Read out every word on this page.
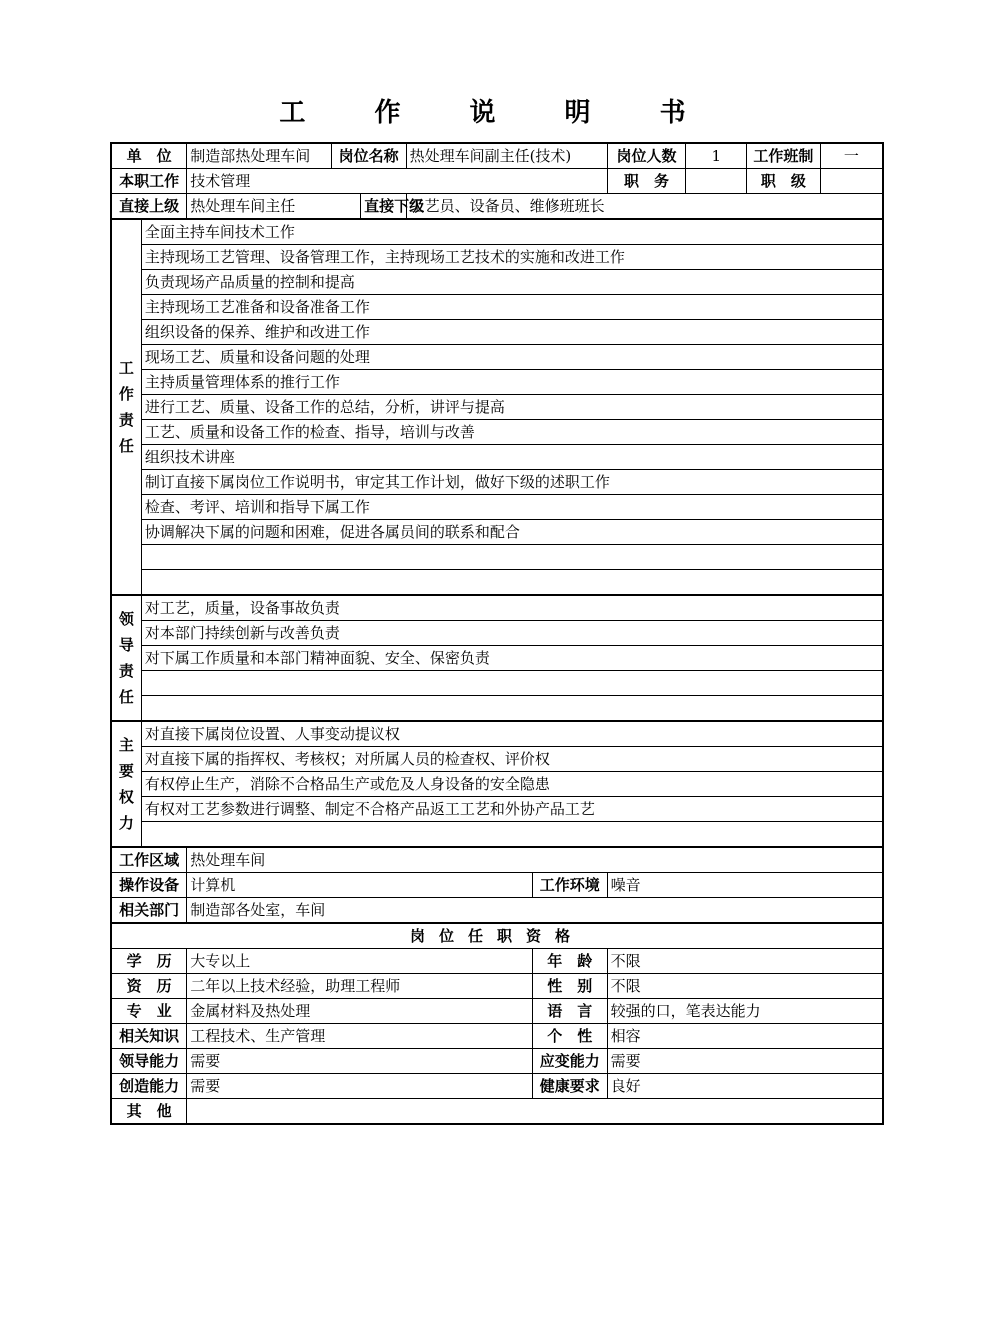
工 作 说 明 书
单　位		制造部热处理车间	岗位名称		热处理车间副主任(技术)		岗位人数	1	工作班制	一
本职工作		技术管理					职　务		职　级	
直接上级		热处理车间主任		直接下级	工艺员、设备员、维修班班长					

工
作
责
任	全面主持车间技术工作									
	主持现场工艺管理、设备管理工作，主持现场工艺技术的实施和改进工作									
	负责现场产品质量的控制和提高									
	主持现场工艺准备和设备准备工作									
	组织设备的保养、维护和改进工作									
	现场工艺、质量和设备问题的处理									
	主持质量管理体系的推行工作									
	进行工艺、质量、设备工作的总结，分析，讲评与提高									
	工艺、质量和设备工作的检查、指导，培训与改善									
	组织技术讲座									
	制订直接下属岗位工作说明书，审定其工作计划，做好下级的述职工作									
	检查、考评、培训和指导下属工作									
	协调解决下属的问题和困难，促进各属员间的联系和配合									

领
导
责
任	对工艺，质量，设备事故负责									
	对本部门持续创新与改善负责									
	对下属工作质量和本部门精神面貌、安全、保密负责									

主
要
权
力	对直接下属岗位设置、人事变动提议权									
	对直接下属的指挥权、考核权；对所属人员的检查权、评价权									
	有权停止生产，消除不合格品生产或危及人身设备的安全隐患									
	有权对工艺参数进行调整、制定不合格产品返工工艺和外协产品工艺									

工作区域		热处理车间								
操作设备		计算机				工作环境	噪音			
相关部门		制造部各处室，车间								
岗位任职资格										
学　历		大专以上				年　龄	不限			
资　历		二年以上技术经验，助理工程师				性　别	不限			
专　业		金属材料及热处理				语　言	较强的口，笔表达能力			
相关知识		工程技术、生产管理				个　性	相容			
领导能力		需要				应变能力	需要			
创造能力		需要				健康要求	良好			
其　他										
